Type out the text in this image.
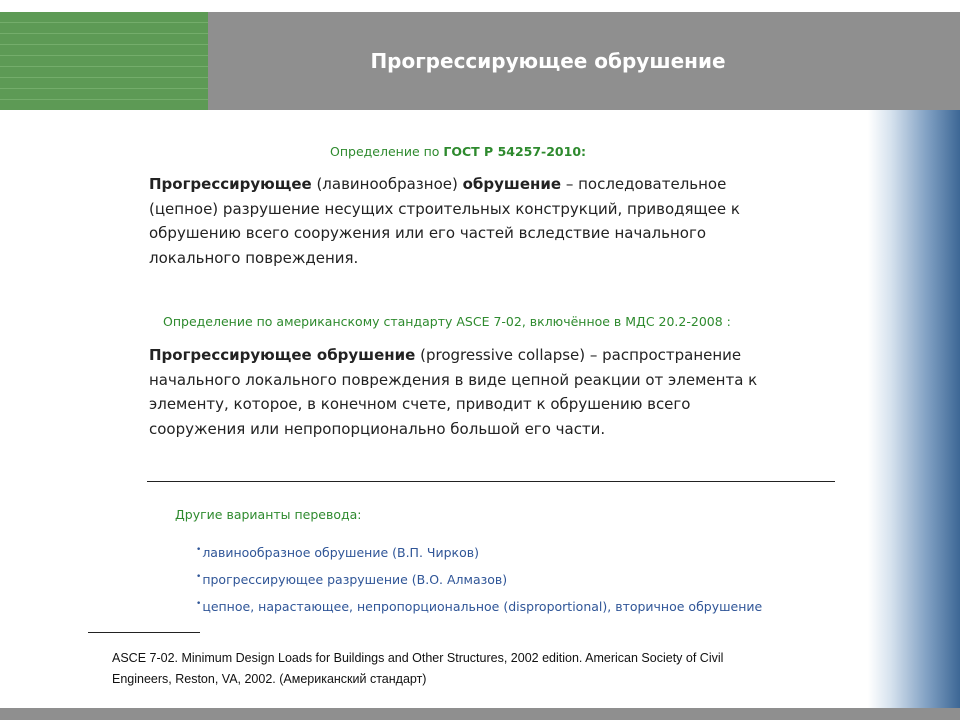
Прогрессирующее обрушение
Определение по ГОСТ Р 54257-2010:
Прогрессирующее (лавинообразное) обрушение – последовательное (цепное) разрушение несущих строительных конструкций, приводящее к обрушению всего сооружения или его частей вследствие начального локального повреждения.
Определение по американскому стандарту ASCE 7-02, включённое в МДС 20.2-2008 :
Прогрессирующее обрушение (progressive collapse) – распространение начального локального повреждения в виде цепной реакции от элемента к элементу, которое, в конечном счете, приводит к обрушению всего сооружения или непропорционально большой его части.
Другие варианты перевода:
•лавинообразное обрушение (В.П. Чирков)
•прогрессирующее разрушение (В.О. Алмазов)
•цепное, нарастающее, непропорциональное (disproportional), вторичное обрушение
ASCE 7-02. Minimum Design Loads for Buildings and Other Structures, 2002 edition. American Society of Civil Engineers, Reston, VA, 2002. (Американский стандарт)
